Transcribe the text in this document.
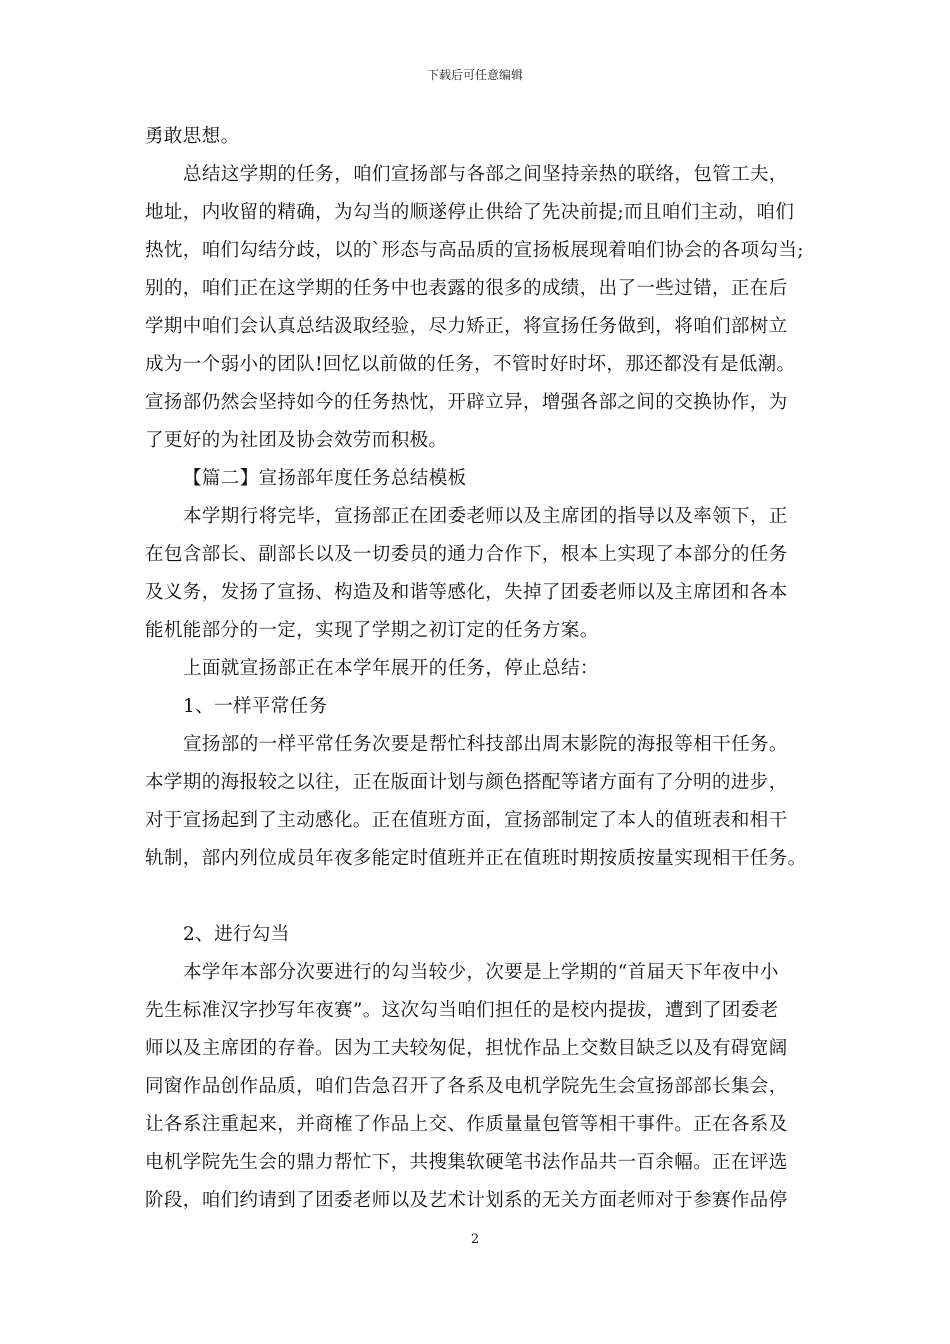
下载后可任意编辑
勇敢思想。
总结这学期的任务，咱们宣扬部与各部之间坚持亲热的联络，包管工夫，
地址，内收留的精确，为勾当的顺遂停止供给了先决前提;而且咱们主动，咱们
热忱，咱们勾结分歧，以的`形态与高品质的宣扬板展现着咱们协会的各项勾当;
别的，咱们正在这学期的任务中也表露的很多的成绩，出了一些过错，正在后
学期中咱们会认真总结汲取经验，尽力矫正，将宣扬任务做到，将咱们部树立
成为一个弱小的团队!回忆以前做的任务，不管时好时坏，那还都没有是低潮。
宣扬部仍然会坚持如今的任务热忱，开辟立异，增强各部之间的交换协作，为
了更好的为社团及协会效劳而积极。
【篇二】宣扬部年度任务总结模板
本学期行将完毕，宣扬部正在团委老师以及主席团的指导以及率领下，正
在包含部长、副部长以及一切委员的通力合作下，根本上实现了本部分的任务
及义务，发扬了宣扬、构造及和谐等感化，失掉了团委老师以及主席团和各本
能机能部分的一定，实现了学期之初订定的任务方案。
上面就宣扬部正在本学年展开的任务，停止总结：
1、一样平常任务
宣扬部的一样平常任务次要是帮忙科技部出周末影院的海报等相干任务。
本学期的海报较之以往，正在版面计划与颜色搭配等诸方面有了分明的进步，
对于宣扬起到了主动感化。正在值班方面，宣扬部制定了本人的值班表和相干
轨制，部内列位成员年夜多能定时值班并正在值班时期按质按量实现相干任务。
2、进行勾当
本学年本部分次要进行的勾当较少，次要是上学期的“首届天下年夜中小
先生标准汉字抄写年夜赛”。这次勾当咱们担任的是校内提拔，遭到了团委老
师以及主席团的存眷。因为工夫较匆促，担忧作品上交数目缺乏以及有碍宽阔
同窗作品创作品质，咱们告急召开了各系及电机学院先生会宣扬部部长集会，
让各系注重起来，并商榷了作品上交、作质量量包管等相干事件。正在各系及
电机学院先生会的鼎力帮忙下，共搜集软硬笔书法作品共一百余幅。正在评选
阶段，咱们约请到了团委老师以及艺术计划系的无关方面老师对于参赛作品停
2
